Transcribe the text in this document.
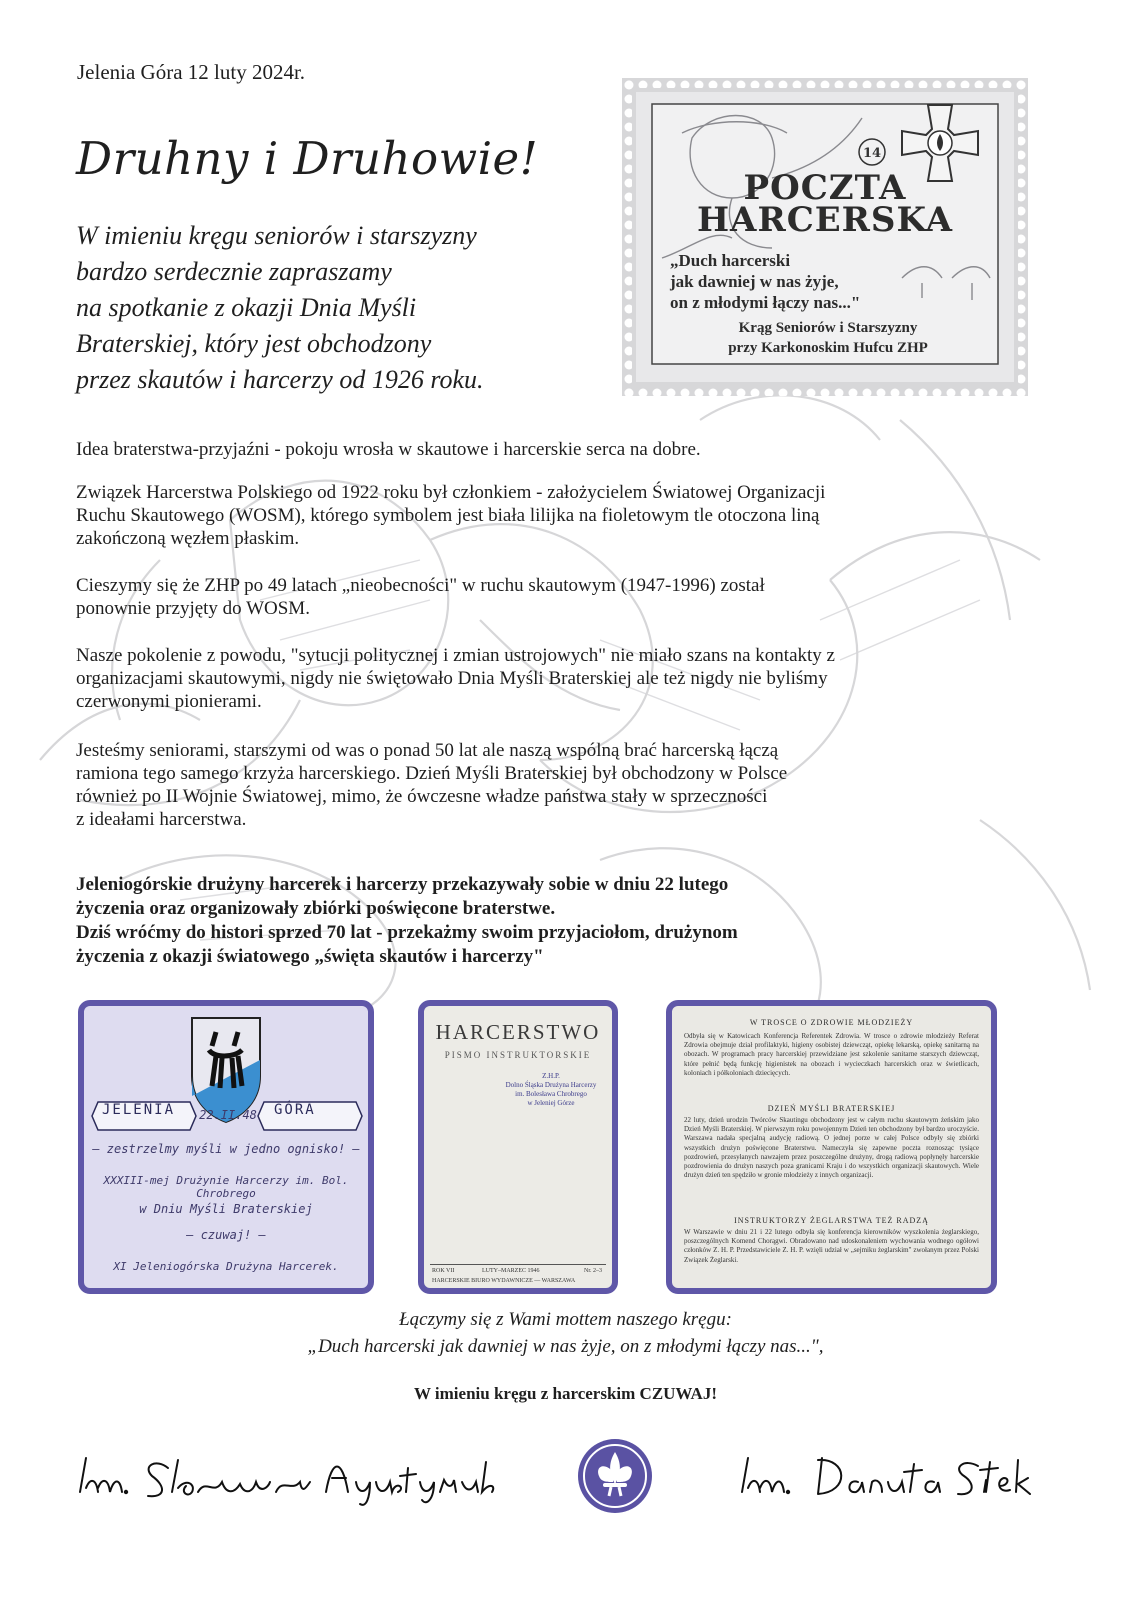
Jelenia Góra 12 luty 2024r.
Druhny i Druhowie!
W imieniu kręgu seniorów i starszyzny
bardzo serdecznie zapraszamy
na spotkanie z okazji Dnia Myśli
Braterskiej, który jest obchodzony
przez skautów i harcerzy od 1926 roku.
14
POCZTA
HARCERSKA
„Duch harcerski
jak dawniej w nas żyje,
on z młodymi łączy nas..."
Krąg Seniorów i Starszyzny
przy Karkonoskim Hufcu ZHP
Idea braterstwa-przyjaźni - pokoju wrosła w skautowe i harcerskie serca na dobre.
Związek Harcerstwa Polskiego od 1922 roku był członkiem - założycielem Światowej Organizacji
Ruchu Skautowego (WOSM), którego symbolem jest biała lilijka na fioletowym tle otoczona liną
zakończoną węzłem płaskim.
Cieszymy się że ZHP po 49 latach „nieobecności" w ruchu skautowym (1947-1996) został
ponownie przyjęty do WOSM.
Nasze pokolenie z powodu, "sytucji politycznej i zmian ustrojowych" nie miało szans na kontakty z
organizacjami skautowymi, nigdy nie świętowało Dnia Myśli Braterskiej ale też nigdy nie byliśmy
czerwonymi pionierami.
Jesteśmy seniorami, starszymi od was o ponad 50 lat ale naszą wspólną brać harcerską łączą
ramiona tego samego krzyża harcerskiego. Dzień Myśli Braterskiej był obchodzony w Polsce
również po II Wojnie Światowej, mimo, że ówczesne władze państwa stały w sprzeczności
z ideałami harcerstwa.
Jeleniogórskie drużyny harcerek i harcerzy przekazywały sobie w dniu 22 lutego
życzenia oraz organizowały zbiórki poświęcone braterstwe.
Dziś wróćmy do histori sprzed 70 lat - przekażmy swoim przyjaciołom, drużynom
życzenia z okazji światowego „święta skautów i harcerzy"
JELENIA	GÓRA
22.II.48
– zestrzelmy myśli w jedno ognisko! –
XXXIII-mej Drużynie Harcerzy im. Bol. Chrobrego
w Dniu Myśli Braterskiej
– czuwaj! –
XI Jeleniogórska Drużyna Harcerek.
HARCERSTWO
PISMO INSTRUKTORSKIE
Z.H.P.
Dolno Śląska Drużyna Harcerzy
im. Bolesława Chrobrego
w Jeleniej Górze
ROK VII	LUTY–MARZEC 1946	Nr. 2–3
HARCERSKIE BIURO WYDAWNICZE — WARSZAWA
W TROSCE O ZDROWIE MŁODZIEŻY
Odbyła się w Katowicach Konferencja Referentek Zdrowia. W trosce o zdrowie młodzieży Referat Zdrowia obejmuje dział profilaktyki, higieny osobistej dziewcząt, opiekę lekarską, opiekę sanitarną na obozach. W programach pracy harcerskiej przewidziane jest szkolenie sanitarne starszych dziewcząt, które pełnić będą funkcję higienistek na obozach i wycieczkach harcerskich oraz w świetlicach, koloniach i półkoloniach dziecięcych.
DZIEŃ MYŚLI BRATERSKIEJ
22 luty, dzień urodzin Twórców Skautingu obchodzony jest w całym ruchu skautowym żeńskim jako Dzień Myśli Braterskiej. W pierwszym roku powojennym Dzień ten obchodzony był bardzo uroczyście. Warszawa nadała specjalną audycję radiową. O jednej porze w całej Polsce odbyły się zbiórki wszystkich drużyn poświęcone Braterstwu. Nameczyła się zapewne poczta roznosząc tysiące pozdrowień, przesyłanych nawzajem przez poszczególne drużyny, drogą radiową popłynęły harcerskie pozdrowienia do drużyn naszych poza granicami Kraju i do wszystkich organizacji skautowych. Wiele drużyn dzień ten spędziło w gronie młodzieży z innych organizacji.
INSTRUKTORZY ŻEGLARSTWA TEŻ RADZĄ
W Warszawie w dniu 21 i 22 lutego odbyła się konferencja kierowników wyszkolenia żeglarskiego, poszczególnych Komend Chorągwi. Obradowano nad udoskonaleniem wychowania wodnego ogółowi członków Z. H. P. Przedstawiciele Z. H. P. wzięli udział w „sejmiku żeglarskim" zwołanym przez Polski Związek Żeglarski.
Łączymy się z Wami mottem naszego kręgu:
„Duch harcerski jak dawniej w nas żyje, on z młodymi łączy nas...",
W imieniu kręgu z harcerskim CZUWAJ!
